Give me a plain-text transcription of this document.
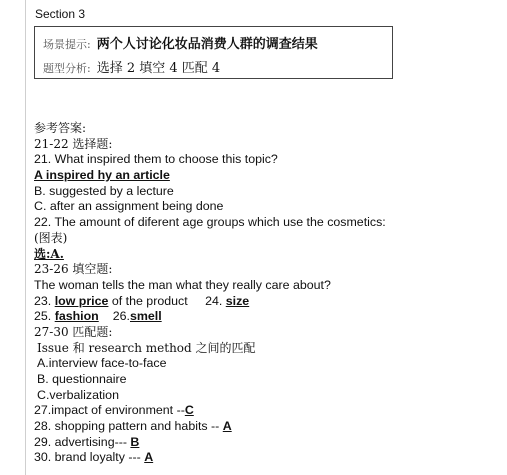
Section 3
场景提示: 两个人讨论化妆品消费人群的调查结果
题型分析: 选择 2 填空 4 匹配 4
参考答案:
21-22 选择题:
21. What inspired them to choose this topic?
A inspired hy an article
B. suggested by a lecture
C. after an assignment being done
22. The amount of diferent age groups which use the cosmetics:
(图表)
选:A.
23-26 填空题:
The woman tells the man what they really care about?
23. low price of the product 24. size
25. fashion 26.smell
27-30 匹配题:
Issue 和 research method 之间的匹配
A.interview face-to-face
B. questionnaire
C.verbalization
27.impact of environment --C
28. shopping pattern and habits -- A
29. advertising--- B
30. brand loyalty --- A
